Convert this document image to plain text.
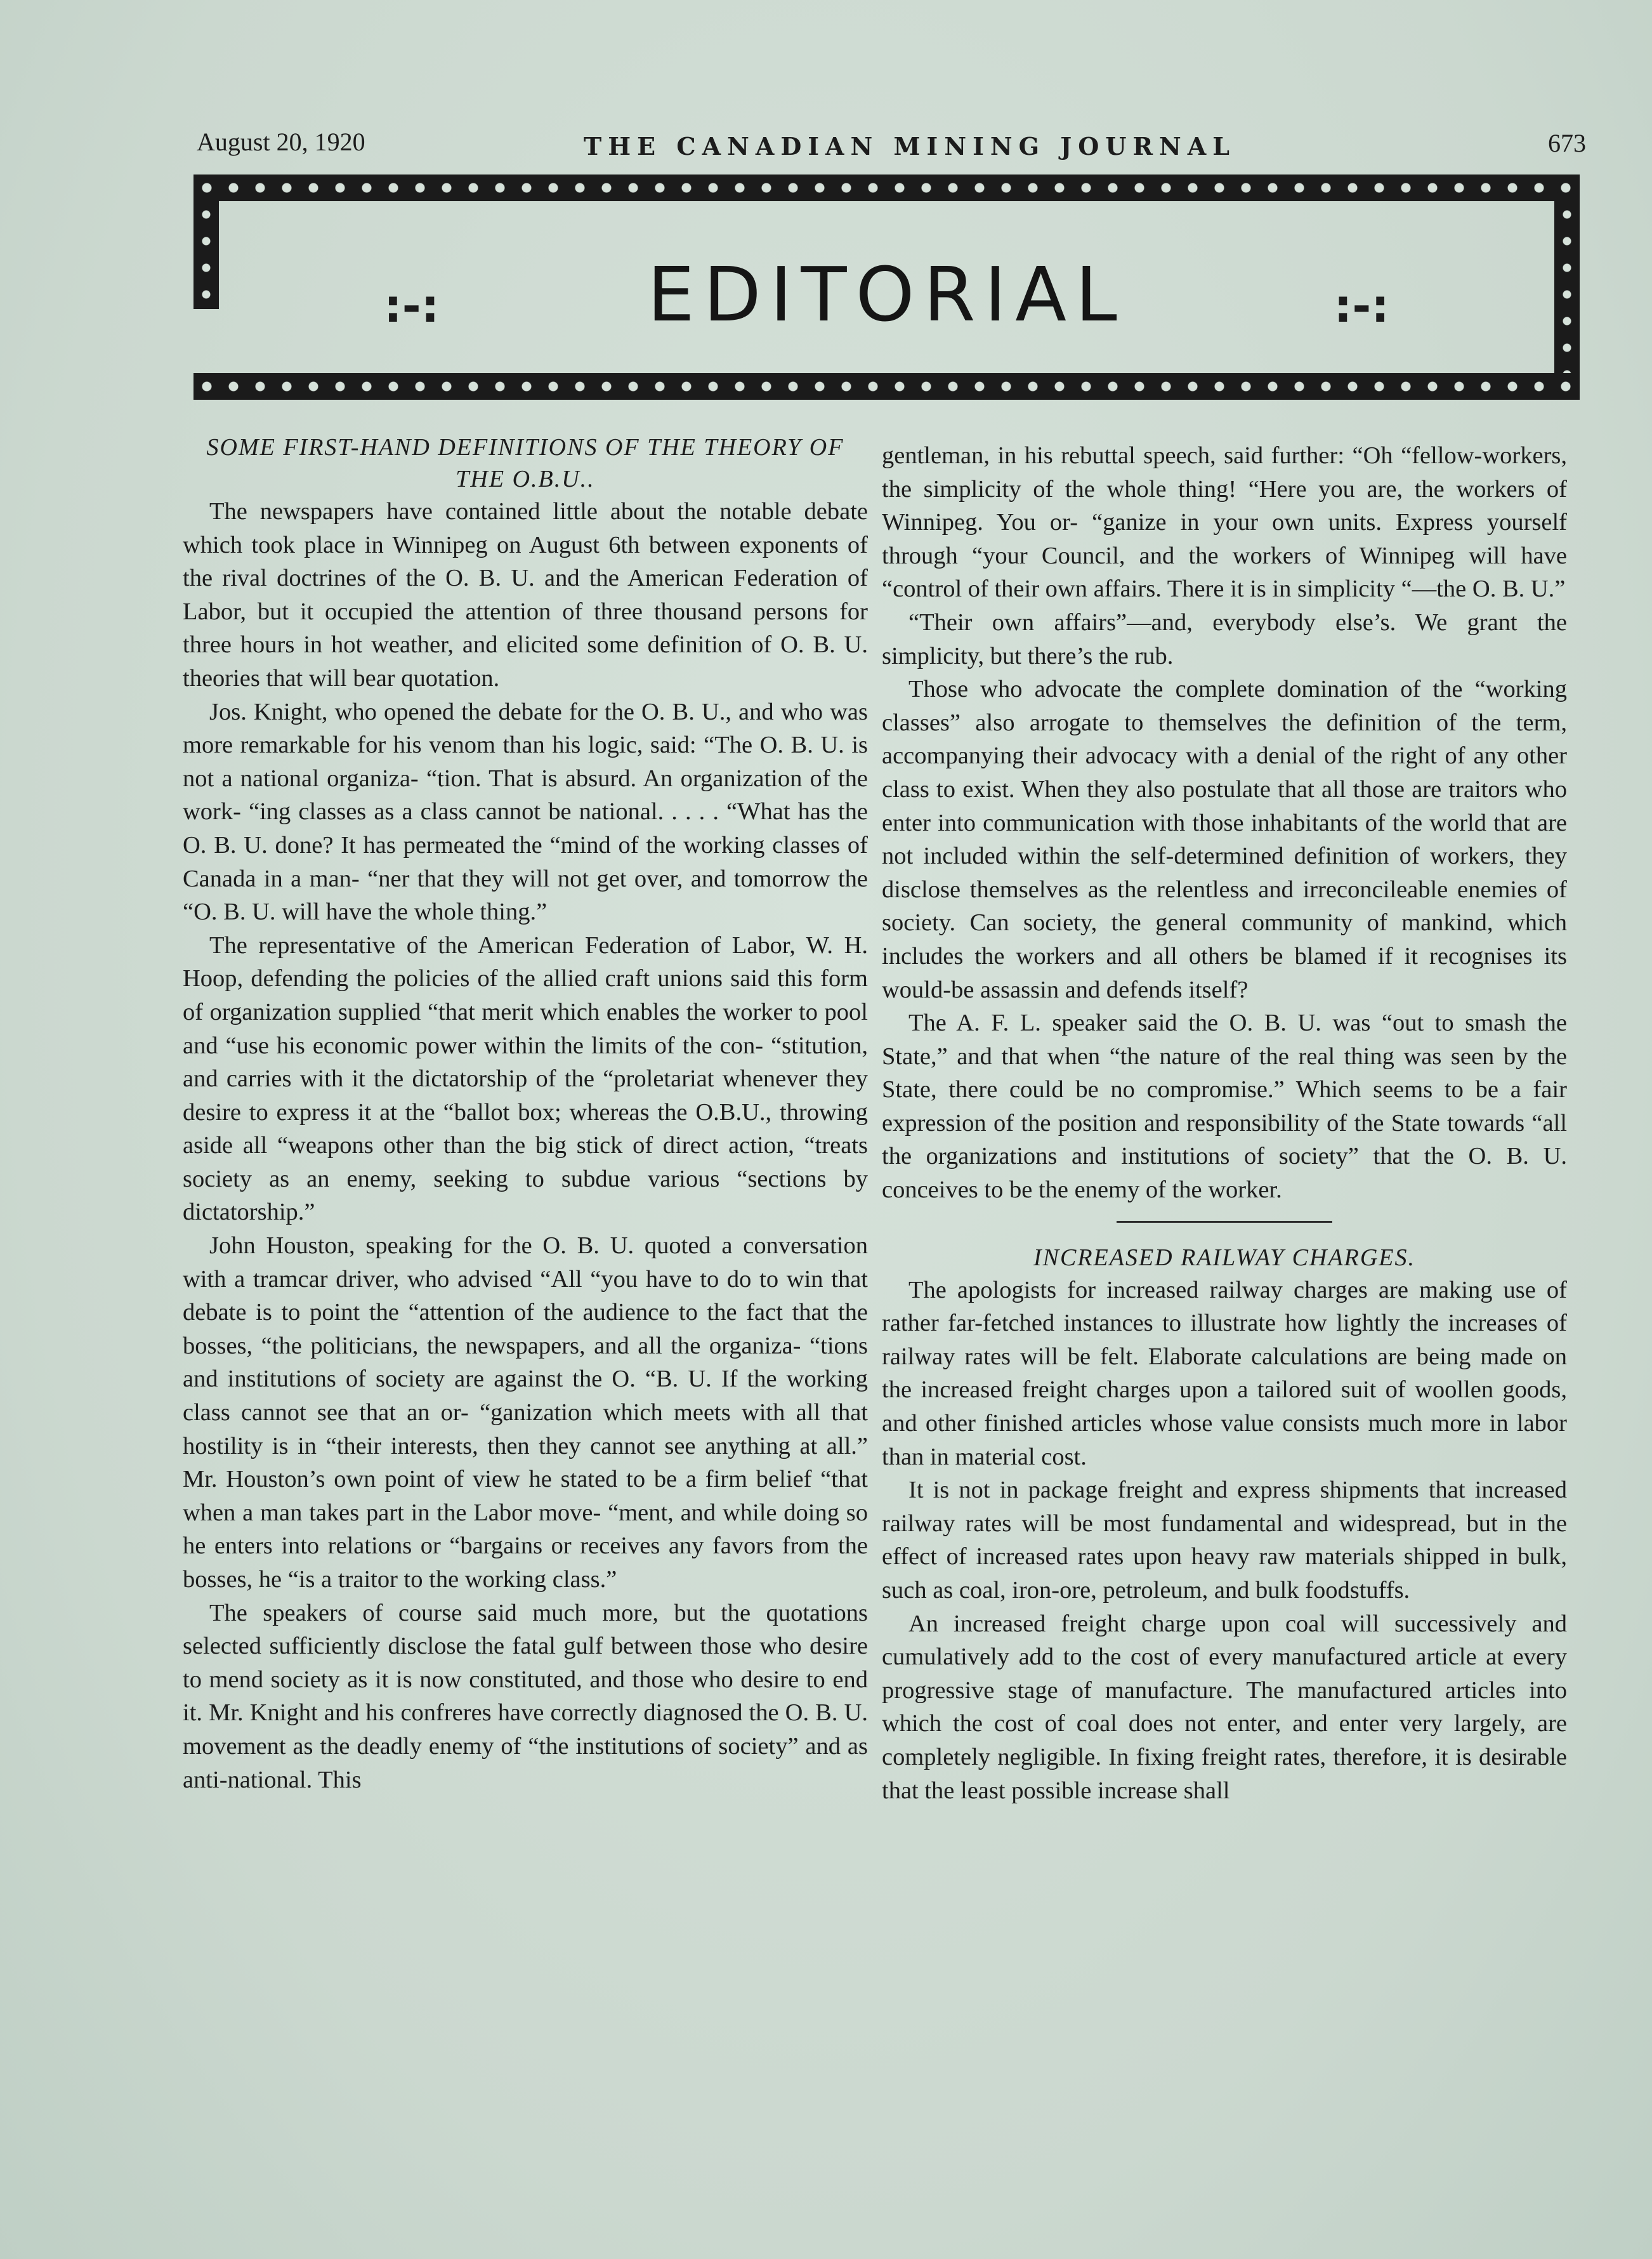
August 20, 1920	THE CANADIAN MINING JOURNAL	673
:-:	EDITORIAL	:-:
SOME FIRST-HAND DEFINITIONS OF THE THEORY OF THE O.B.U..

The newspapers have contained little about the notable debate which took place in Winnipeg on August 6th between exponents of the rival doctrines of the O. B. U. and the American Federation of Labor, but it occupied the attention of three thousand persons for three hours in hot weather, and elicited some definition of O. B. U. theories that will bear quotation.

Jos. Knight, who opened the debate for the O. B. U., and who was more remarkable for his venom than his logic, said: “The O. B. U. is not a national organiza- “tion. That is absurd. An organization of the work- “ing classes as a class cannot be national. . . . . “What has the O. B. U. done? It has permeated the “mind of the working classes of Canada in a man- “ner that they will not get over, and tomorrow the “O. B. U. will have the whole thing.”

The representative of the American Federation of Labor, W. H. Hoop, defending the policies of the allied craft unions said this form of organization supplied “that merit which enables the worker to pool and “use his economic power within the limits of the con- “stitution, and carries with it the dictatorship of the “proletariat whenever they desire to express it at the “ballot box; whereas the O.B.U., throwing aside all “weapons other than the big stick of direct action, “treats society as an enemy, seeking to subdue various “sections by dictatorship.”

John Houston, speaking for the O. B. U. quoted a conversation with a tramcar driver, who advised “All “you have to do to win that debate is to point the “attention of the audience to the fact that the bosses, “the politicians, the newspapers, and all the organiza- “tions and institutions of society are against the O. “B. U. If the working class cannot see that an or- “ganization which meets with all that hostility is in “their interests, then they cannot see anything at all.” Mr. Houston’s own point of view he stated to be a firm belief “that when a man takes part in the Labor move- “ment, and while doing so he enters into relations or “bargains or receives any favors from the bosses, he “is a traitor to the working class.”

The speakers of course said much more, but the quotations selected sufficiently disclose the fatal gulf between those who desire to mend society as it is now constituted, and those who desire to end it. Mr. Knight and his confreres have correctly diagnosed the O. B. U. movement as the deadly enemy of “the institutions of society” and as anti-national. This

gentleman, in his rebuttal speech, said further: “Oh “fellow-workers, the simplicity of the whole thing! “Here you are, the workers of Winnipeg. You or- “ganize in your own units. Express yourself through “your Council, and the workers of Winnipeg will have “control of their own affairs. There it is in simplicity “—the O. B. U.”

“Their own affairs”—and, everybody else’s. We grant the simplicity, but there’s the rub.

Those who advocate the complete domination of the “working classes” also arrogate to themselves the definition of the term, accompanying their advocacy with a denial of the right of any other class to exist. When they also postulate that all those are traitors who enter into communication with those inhabitants of the world that are not included within the self-determined definition of workers, they disclose themselves as the relentless and irreconcileable enemies of society. Can society, the general community of mankind, which includes the workers and all others be blamed if it recognises its would-be assassin and defends itself?

The A. F. L. speaker said the O. B. U. was “out to smash the State,” and that when “the nature of the real thing was seen by the State, there could be no compromise.” Which seems to be a fair expression of the position and responsibility of the State towards “all the organizations and institutions of society” that the O. B. U. conceives to be the enemy of the worker.

INCREASED RAILWAY CHARGES.

The apologists for increased railway charges are making use of rather far-fetched instances to illustrate how lightly the increases of railway rates will be felt. Elaborate calculations are being made on the increased freight charges upon a tailored suit of woollen goods, and other finished articles whose value consists much more in labor than in material cost.

It is not in package freight and express shipments that increased railway rates will be most fundamental and widespread, but in the effect of increased rates upon heavy raw materials shipped in bulk, such as coal, iron-ore, petroleum, and bulk foodstuffs.

An increased freight charge upon coal will successively and cumulatively add to the cost of every manufactured article at every progressive stage of manufacture. The manufactured articles into which the cost of coal does not enter, and enter very largely, are completely negligible. In fixing freight rates, therefore, it is desirable that the least possible increase shall
